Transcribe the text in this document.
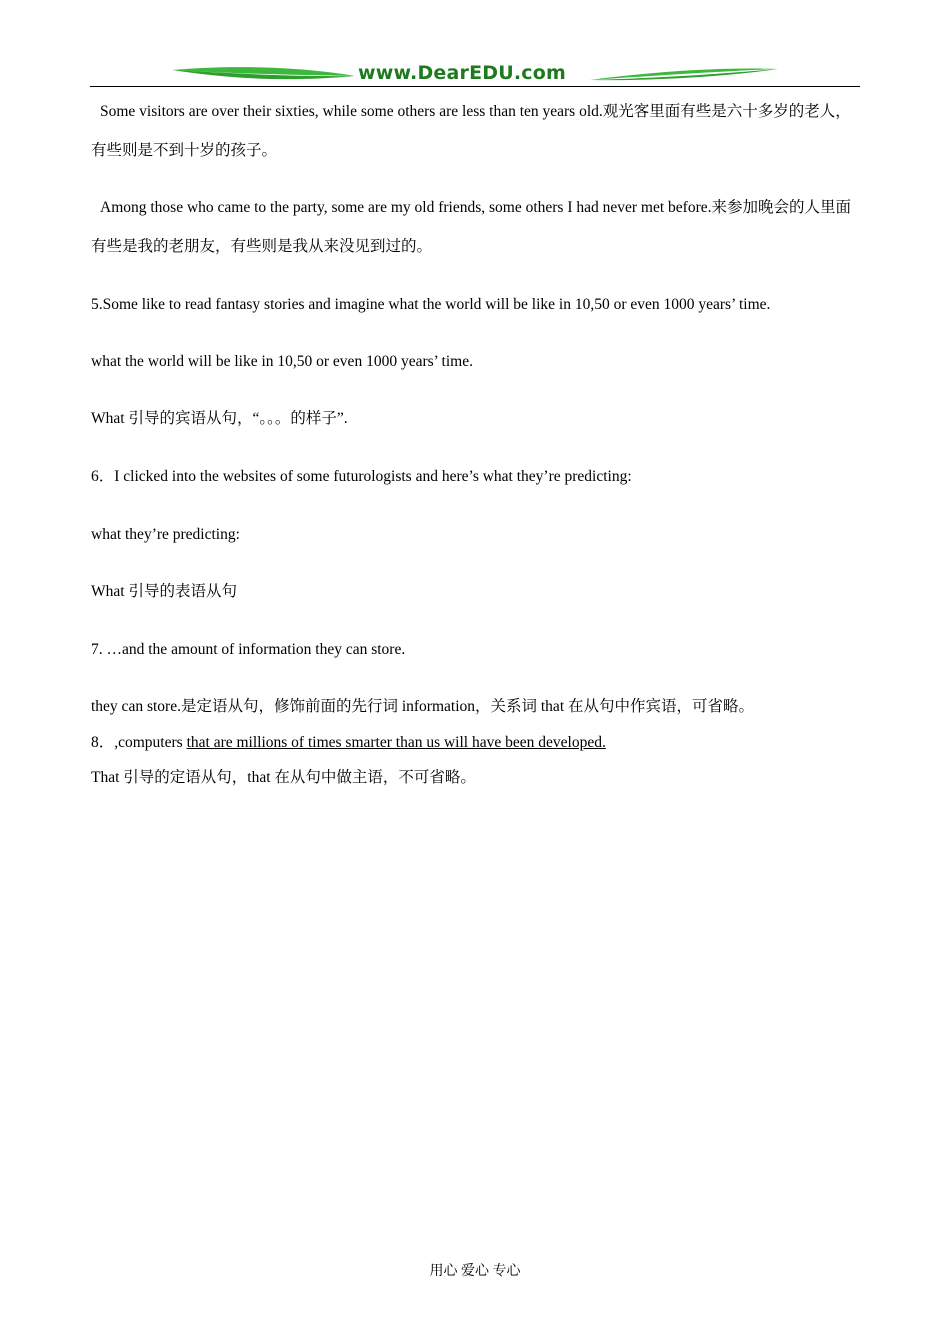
www.DearEDU.com

Some visitors are over their sixties, while some others are less than ten years old.观光客里面有些是六十多岁的老人，有些则是不到十岁的孩子。

Among those who came to the party, some are my old friends, some others I had never met before.来参加晚会的人里面有些是我的老朋友，有些则是我从来没见到过的。

5.Some like to read fantasy stories and imagine what the world will be like in 10,50 or even 1000 years’ time.

what the world will be like in 10,50 or even 1000 years’ time.

What 引导的宾语从句，“。。。的样子”.

6．I clicked into the websites of some futurologists and here’s what they’re predicting:

what they’re predicting:

What 引导的表语从句

7. …and the amount of information they can store.

they can store.是定语从句，修饰前面的先行词 information，关系词 that 在从句中作宾语，可省略。

8．,computers that are millions of times smarter than us will have been developed.

That 引导的定语从句，that 在从句中做主语，不可省略。

用心 爱心 专心
